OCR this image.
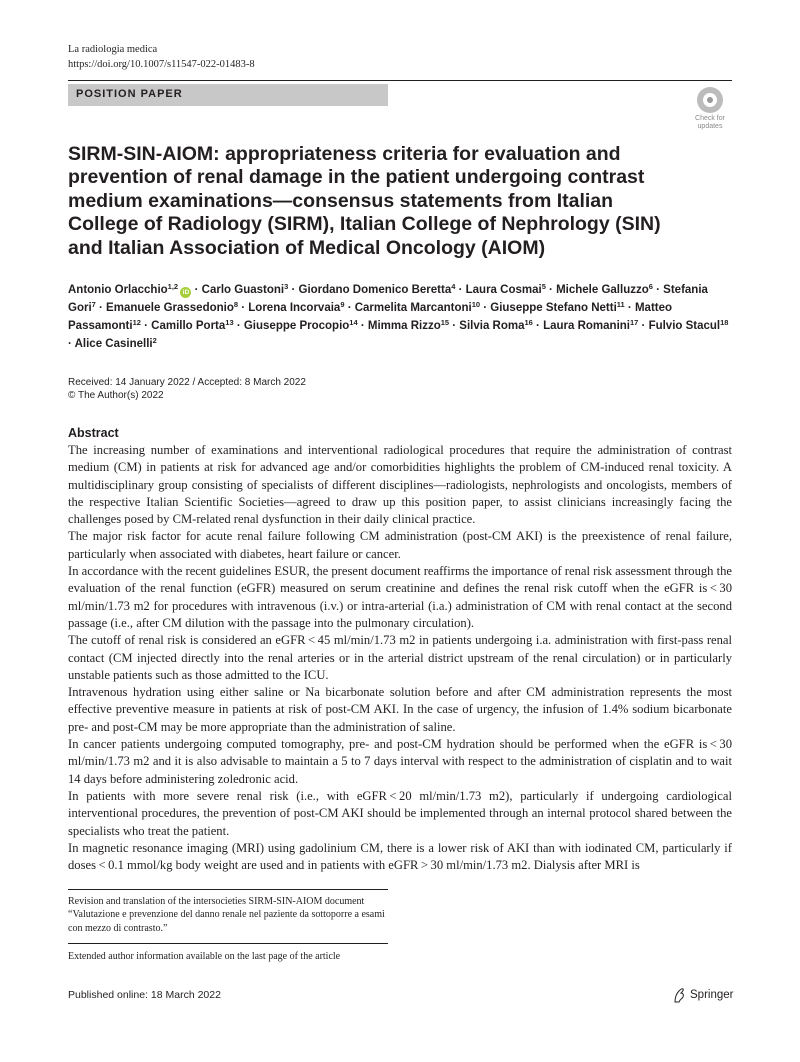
La radiologia medica
https://doi.org/10.1007/s11547-022-01483-8
POSITION PAPER
Check for updates
SIRM-SIN-AIOM: appropriateness criteria for evaluation and prevention of renal damage in the patient undergoing contrast medium examinations—consensus statements from Italian College of Radiology (SIRM), Italian College of Nephrology (SIN) and Italian Association of Medical Oncology (AIOM)
Antonio Orlacchio$^{1,2}$ iD · Carlo Guastoni$^3$ · Giordano Domenico Beretta$^4$ · Laura Cosmai$^5$ · Michele Galluzzo$^6$ · Stefania Gori$^7$ · Emanuele Grassedonio$^8$ · Lorena Incorvaia$^9$ · Carmelita Marcantoni$^{10}$ · Giuseppe Stefano Netti$^{11}$ · Matteo Passamonti$^{12}$ · Camillo Porta$^{13}$ · Giuseppe Procopio$^{14}$ · Mimma Rizzo$^{15}$ · Silvia Roma$^{16}$ · Laura Romanini$^{17}$ · Fulvio Stacul$^{18}$ · Alice Casinelli$^2$
Received: 14 January 2022 / Accepted: 8 March 2022
© The Author(s) 2022
Abstract

The increasing number of examinations and interventional radiological procedures that require the administration of contrast medium (CM) in patients at risk for advanced age and/or comorbidities highlights the problem of CM-induced renal toxicity. A multidisciplinary group consisting of specialists of different disciplines—radiologists, nephrologists and oncologists, members of the respective Italian Scientific Societies—agreed to draw up this position paper, to assist clinicians increasingly facing the challenges posed by CM-related renal dysfunction in their daily clinical practice.

The major risk factor for acute renal failure following CM administration (post-CM AKI) is the preexistence of renal failure, particularly when associated with diabetes, heart failure or cancer.

In accordance with the recent guidelines ESUR, the present document reaffirms the importance of renal risk assessment through the evaluation of the renal function (eGFR) measured on serum creatinine and defines the renal risk cutoff when the eGFR is < 30 ml/min/1.73 m2 for procedures with intravenous (i.v.) or intra-arterial (i.a.) administration of CM with renal contact at the second passage (i.e., after CM dilution with the passage into the pulmonary circulation).

The cutoff of renal risk is considered an eGFR < 45 ml/min/1.73 m2 in patients undergoing i.a. administration with first-pass renal contact (CM injected directly into the renal arteries or in the arterial district upstream of the renal circulation) or in particularly unstable patients such as those admitted to the ICU.

Intravenous hydration using either saline or Na bicarbonate solution before and after CM administration represents the most effective preventive measure in patients at risk of post-CM AKI. In the case of urgency, the infusion of 1.4% sodium bicarbonate pre- and post-CM may be more appropriate than the administration of saline.

In cancer patients undergoing computed tomography, pre- and post-CM hydration should be performed when the eGFR is < 30 ml/min/1.73 m2 and it is also advisable to maintain a 5 to 7 days interval with respect to the administration of cisplatin and to wait 14 days before administering zoledronic acid.

In patients with more severe renal risk (i.e., with eGFR < 20 ml/min/1.73 m2), particularly if undergoing cardiological interventional procedures, the prevention of post-CM AKI should be implemented through an internal protocol shared between the specialists who treat the patient.

In magnetic resonance imaging (MRI) using gadolinium CM, there is a lower risk of AKI than with iodinated CM, particularly if doses < 0.1 mmol/kg body weight are used and in patients with eGFR > 30 ml/min/1.73 m2. Dialysis after MRI is

Revision and translation of the intersocieties SIRM-SIN-AIOM document “Valutazione e prevenzione del danno renale nel paziente da sottoporre a esami con mezzo di contrasto.”
Extended author information available on the last page of the article
Published online: 18 March 2022	Springer
